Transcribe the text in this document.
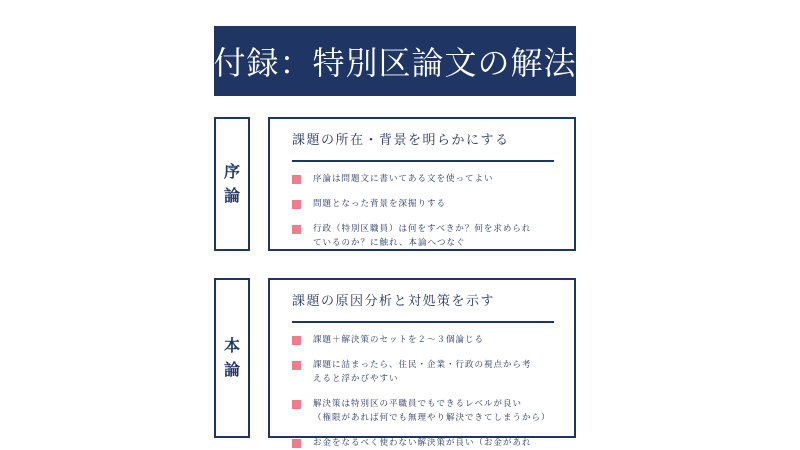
付録：特別区論文の解法
序
論
課題の所在・背景を明らかにする
序論は問題文に書いてある文を使ってよい
問題となった背景を深掘りする
行政（特別区職員）は何をすべきか？何を求められ
ているのか？に触れ、本論へつなぐ
本
論
課題の原因分析と対処策を示す
課題＋解決策のセットを２〜３個論じる
課題に詰まったら、住民・企業・行政の視点から考
えると浮かびやすい
解決策は特別区の平職員でもできるレベルが良い
（権限があれば何でも無理やり解決できてしまうから）
お金をなるべく使わない解決策が良い（お金があれ
